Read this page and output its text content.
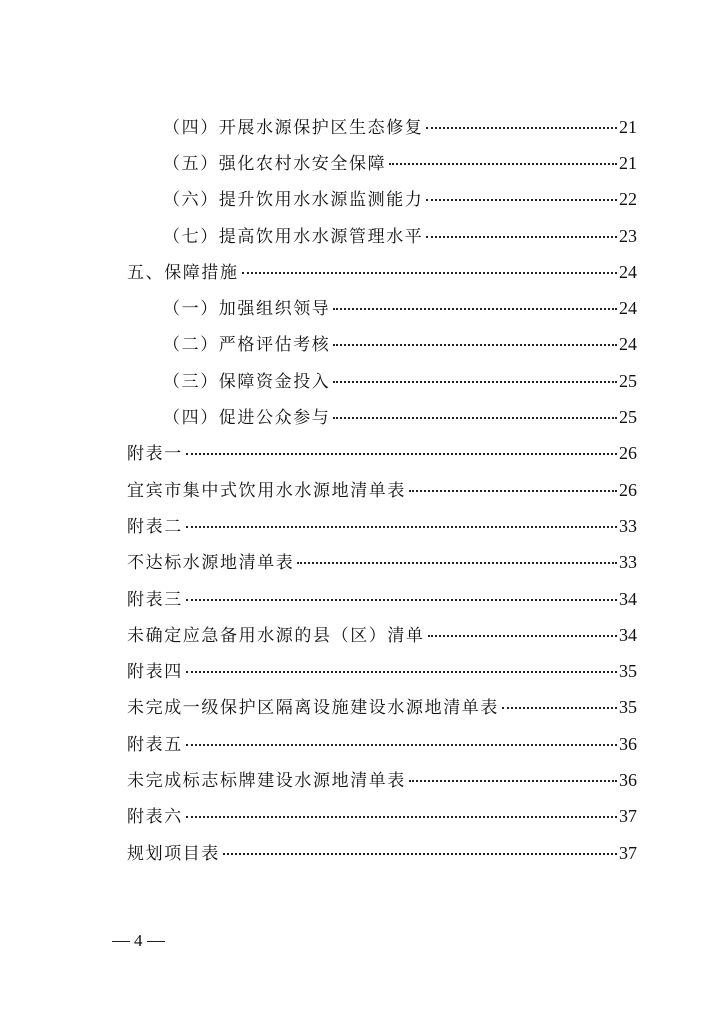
（四）开展水源保护区生态修复	21
（五）强化农村水安全保障	21
（六）提升饮用水水源监测能力	22
（七）提高饮用水水源管理水平	23
五、保障措施	24
（一）加强组织领导	24
（二）严格评估考核	24
（三）保障资金投入	25
（四）促进公众参与	25
附表一	26
宜宾市集中式饮用水水源地清单表	26
附表二	33
不达标水源地清单表	33
附表三	34
未确定应急备用水源的县（区）清单	34
附表四	35
未完成一级保护区隔离设施建设水源地清单表	35
附表五	36
未完成标志标牌建设水源地清单表	36
附表六	37
规划项目表	37
4
